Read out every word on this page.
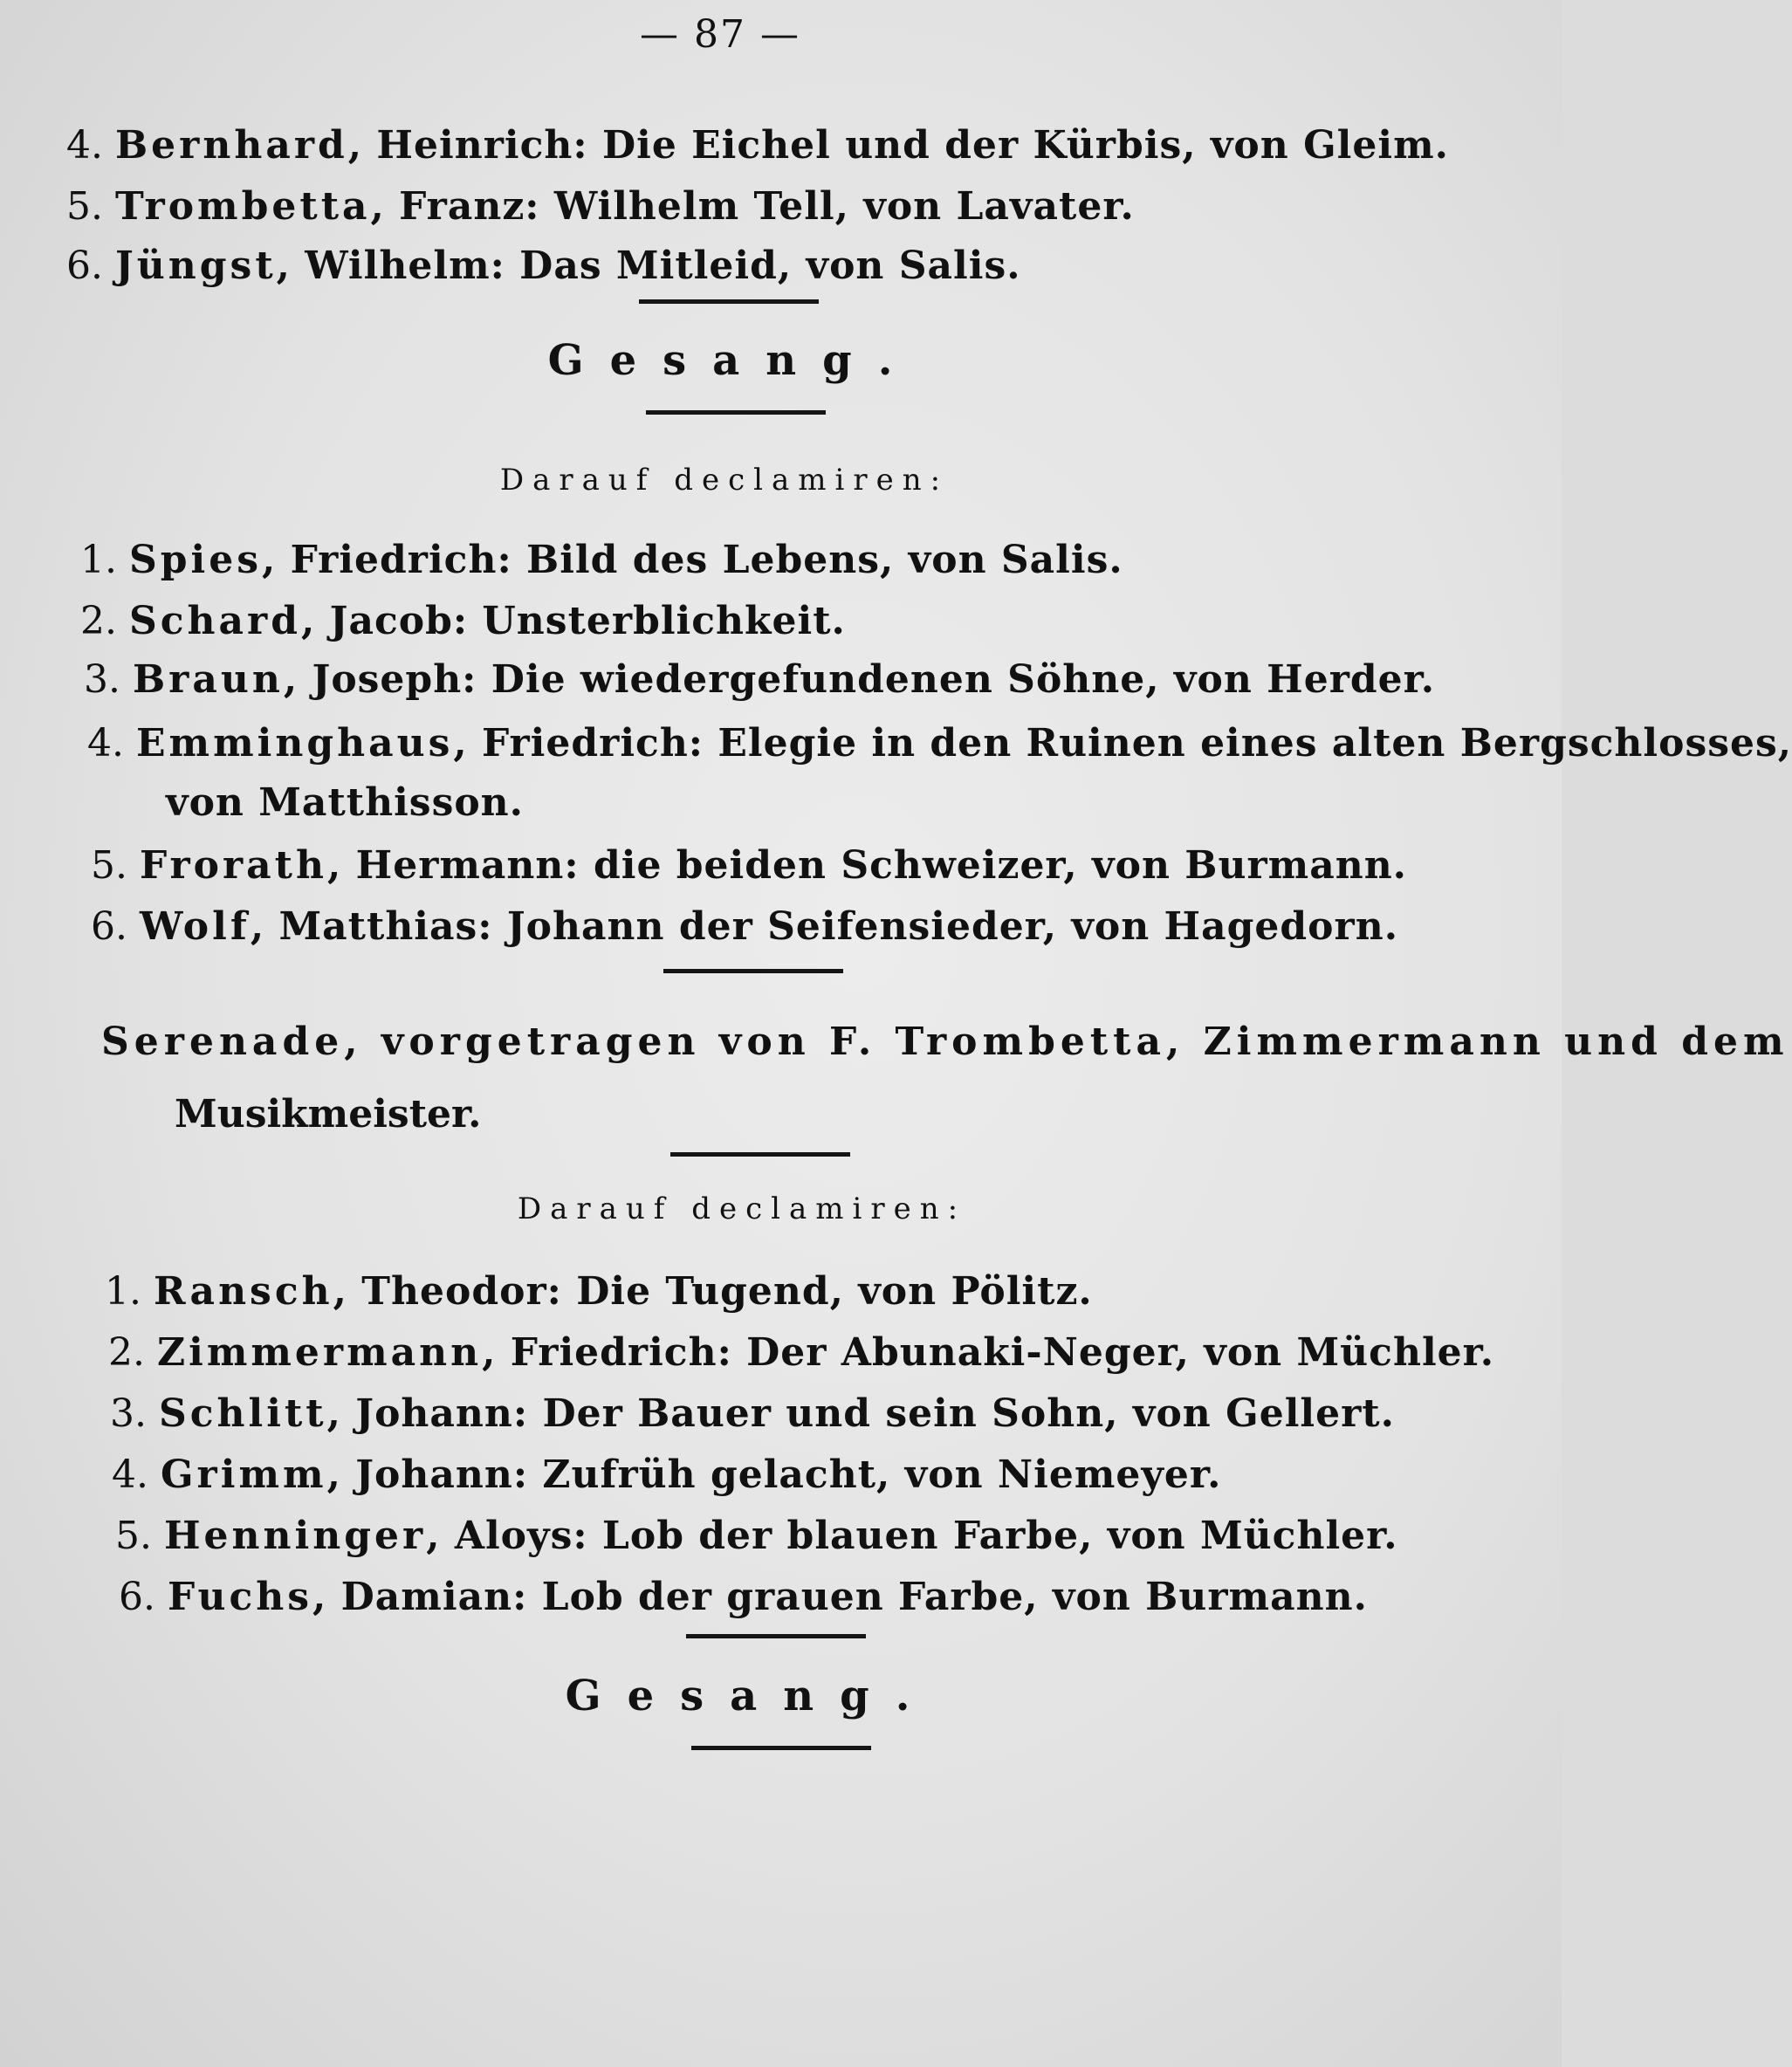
— 87 —
4. Bernhard, Heinrich: Die Eichel und der Kürbis, von Gleim.
5. Trombetta, Franz: Wilhelm Tell, von Lavater.
6. Jüngst, Wilhelm: Das Mitleid, von Salis.
Gesang.
Darauf declamiren:
1. Spies, Friedrich: Bild des Lebens, von Salis.
2. Schard, Jacob: Unsterblichkeit.
3. Braun, Joseph: Die wiedergefundenen Söhne, von Herder.
4. Emminghaus, Friedrich: Elegie in den Ruinen eines alten Bergschlosses,
von Matthisson.
5. Frorath, Hermann: die beiden Schweizer, von Burmann.
6. Wolf, Matthias: Johann der Seifensieder, von Hagedorn.
Serenade, vorgetragen von F. Trombetta, Zimmermann und dem
Musikmeister.
Darauf declamiren:
1. Ransch, Theodor: Die Tugend, von Pölitz.
2. Zimmermann, Friedrich: Der Abunaki-Neger, von Müchler.
3. Schlitt, Johann: Der Bauer und sein Sohn, von Gellert.
4. Grimm, Johann: Zufrüh gelacht, von Niemeyer.
5. Henninger, Aloys: Lob der blauen Farbe, von Müchler.
6. Fuchs, Damian: Lob der grauen Farbe, von Burmann.
Gesang.
